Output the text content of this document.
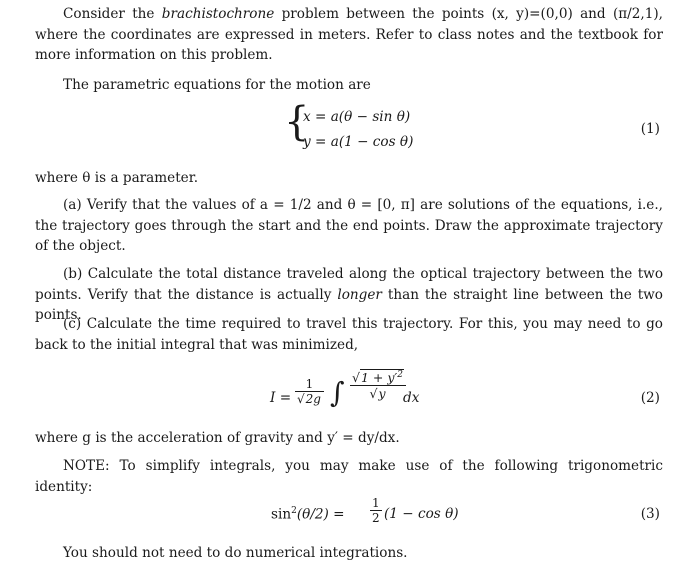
Consider the brachistochrone problem between the points (x, y)=(0,0) and (π/2,1), where the coordinates are expressed in meters. Refer to class notes and the textbook for more information on this problem.

The parametric equations for the motion are

{
x = a(θ − sin θ)
y = a(1 − cos θ)
(1)

where θ is a parameter.

(a) Verify that the values of a = 1/2 and θ = [0, π] are solutions of the equations, i.e., the trajectory goes through the start and the end points. Draw the approximate trajectory of the object.

(b) Calculate the total distance traveled along the optical trajectory between the two points. Verify that the distance is actually longer than the straight line between the two points.

(c) Calculate the time required to travel this trajectory. For this, you may need to go back to the initial integral that was minimized,

$I = \frac{1}{√2g}$ ∫ $\frac{√1 + y'^2}{√y}$
dx	(2)

where g is the acceleration of gravity and y′ = dy/dx.

NOTE: To simplify integrals, you may make use of the following trigonometric identity:

$\sin^2(\theta/2) = \frac{1}{2} (1 - \cos \theta)$	(3)

You should not need to do numerical integrations.
